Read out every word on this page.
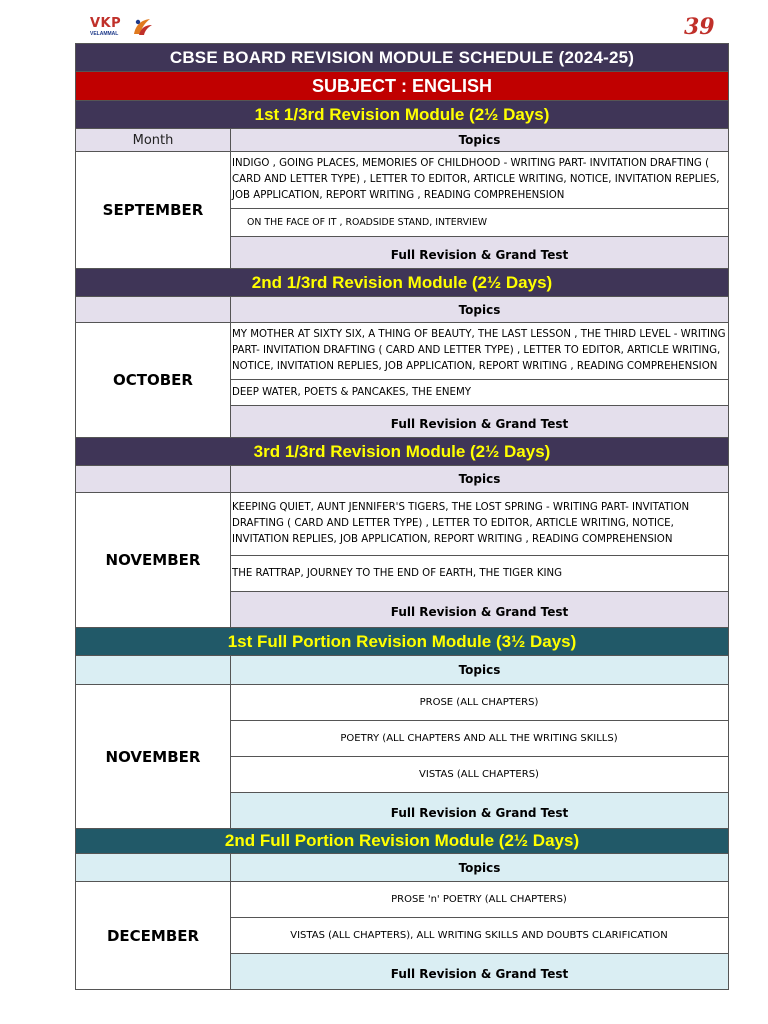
VKP
VELAMMAL	39
CBSE BOARD REVISION MODULE SCHEDULE (2024-25)	
SUBJECT : ENGLISH	
1st 1/3rd Revision Module (2½ Days)	
Month	Topics
SEPTEMBER	INDIGO , GOING PLACES, MEMORIES OF CHILDHOOD - WRITING PART- INVITATION DRAFTING ( CARD AND LETTER TYPE) , LETTER TO EDITOR, ARTICLE WRITING, NOTICE, INVITATION REPLIES, JOB APPLICATION, REPORT WRITING , READING COMPREHENSION
	ON THE FACE OF IT , ROADSIDE STAND, INTERVIEW
	Full Revision & Grand Test
2nd 1/3rd Revision Module (2½ Days)	
	Topics
OCTOBER	MY MOTHER AT SIXTY SIX, A THING OF BEAUTY, THE LAST LESSON , THE THIRD LEVEL - WRITING PART- INVITATION DRAFTING ( CARD AND LETTER TYPE) , LETTER TO EDITOR, ARTICLE WRITING, NOTICE, INVITATION REPLIES, JOB APPLICATION, REPORT WRITING , READING COMPREHENSION
	DEEP WATER, POETS & PANCAKES, THE ENEMY
	Full Revision & Grand Test
3rd 1/3rd Revision Module (2½ Days)	
	Topics
NOVEMBER	KEEPING QUIET, AUNT JENNIFER'S TIGERS, THE LOST SPRING - WRITING PART- INVITATION DRAFTING ( CARD AND LETTER TYPE) , LETTER TO EDITOR, ARTICLE WRITING, NOTICE, INVITATION REPLIES, JOB APPLICATION, REPORT WRITING , READING COMPREHENSION
	THE RATTRAP, JOURNEY TO THE END OF EARTH, THE TIGER KING
	Full Revision & Grand Test
1st Full Portion Revision Module (3½ Days)	
	Topics
NOVEMBER	PROSE (ALL CHAPTERS)
	POETRY (ALL CHAPTERS AND ALL THE WRITING SKILLS)
	VISTAS (ALL CHAPTERS)
	Full Revision & Grand Test
2nd Full Portion Revision Module (2½ Days)	
	Topics
DECEMBER	PROSE 'n' POETRY (ALL CHAPTERS)
	VISTAS (ALL CHAPTERS), ALL WRITING SKILLS AND DOUBTS CLARIFICATION
	Full Revision & Grand Test
